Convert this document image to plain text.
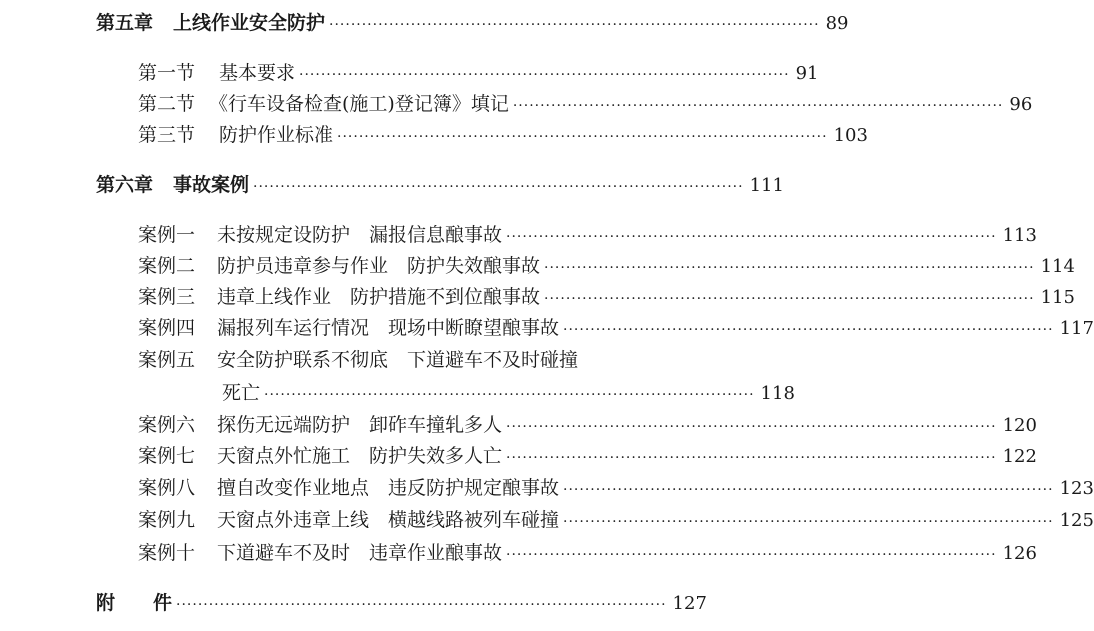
第五章 上线作业安全防护 ·························································································· 89
第一节 基本要求 ·························································································· 91
第二节 《行车设备检查(施工)登记簿》填记 ·························································································· 96
第三节 防护作业标准 ·························································································· 103
第六章 事故案例 ·························································································· 111
案例一 未按规定设防护　漏报信息酿事故 ·························································································· 113
案例二 防护员违章参与作业　防护失效酿事故 ·························································································· 114
案例三 违章上线作业　防护措施不到位酿事故 ·························································································· 115
案例四 漏报列车运行情况　现场中断瞭望酿事故 ·························································································· 117
案例五 安全防护联系不彻底　下道避车不及时碰撞
死亡 ·························································································· 118
案例六 探伤无远端防护　卸砟车撞轧多人 ·························································································· 120
案例七 天窗点外忙施工　防护失效多人亡 ·························································································· 122
案例八 擅自改变作业地点　违反防护规定酿事故 ·························································································· 123
案例九 天窗点外违章上线　横越线路被列车碰撞 ·························································································· 125
案例十 下道避车不及时　违章作业酿事故 ·························································································· 126
附　　件 ·························································································· 127
